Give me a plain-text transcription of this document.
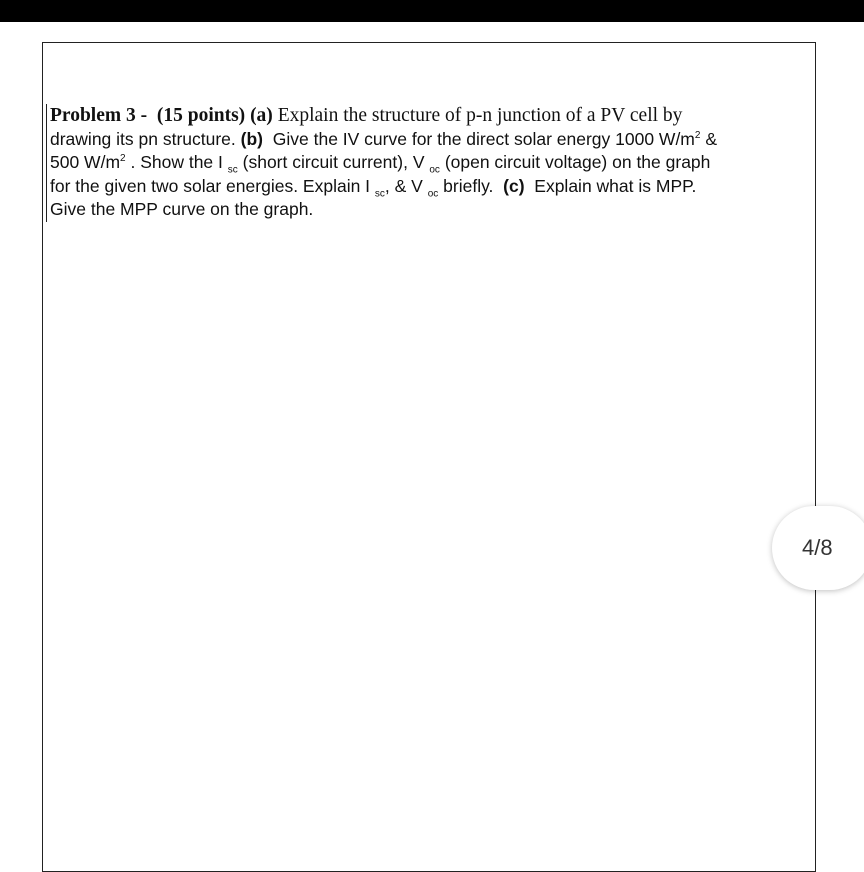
Problem 3 - (15 points) (a) Explain the structure of p-n junction of a PV cell by
drawing its pn structure. (b) Give the IV curve for the direct solar energy 1000 $W/m^2$ &
500 $W/m^2$ . Show the I $_{sc}$ (short circuit current), V $_{oc}$ (open circuit voltage) on the graph
for the given two solar energies. Explain I $_{sc}$, & V $_{oc}$ briefly. (c) Explain what is MPP.
Give the MPP curve on the graph.
4/8
